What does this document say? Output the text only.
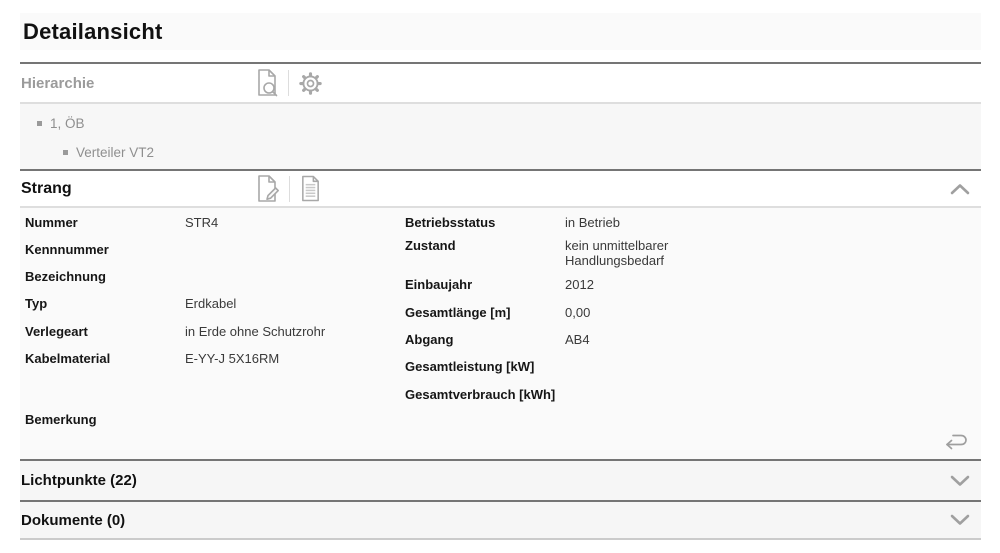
Detailansicht
Hierarchie
1, ÖB
Verteiler VT2
Strang
Nummer	STR4
Kennnummer
Bezeichnung
Typ	Erdkabel
Verlegeart	in Erde ohne Schutzrohr
Kabelmaterial	E-YY-J 5X16RM
Bemerkung
Betriebsstatus	in Betrieb
Zustand	kein unmittelbarer Handlungsbedarf
Einbaujahr	2012
Gesamtlänge [m]	0,00
Abgang	AB4
Gesamtleistung [kW]
Gesamtverbrauch [kWh]
Lichtpunkte (22)
Dokumente (0)
